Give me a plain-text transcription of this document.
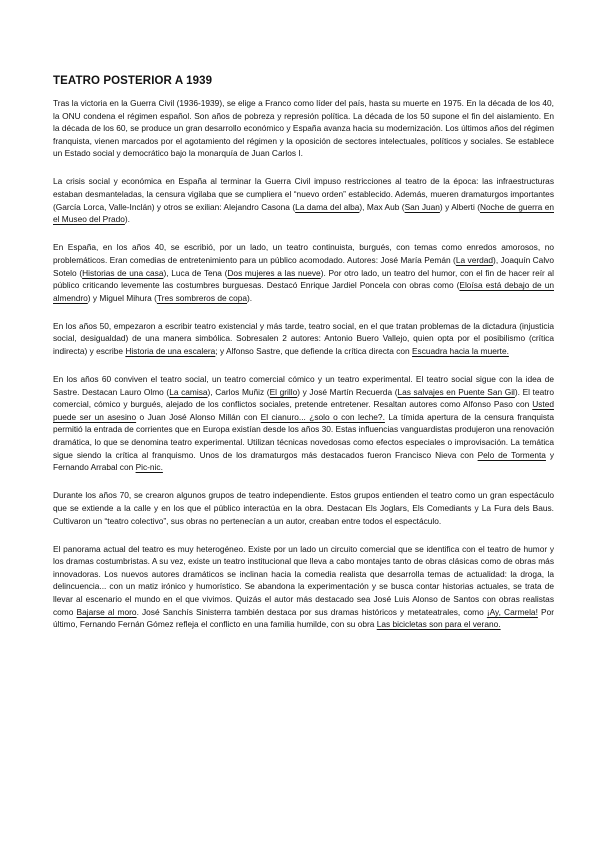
TEATRO POSTERIOR A 1939

Tras la victoria en la Guerra Civil (1936-1939), se elige a Franco como líder del país, hasta su muerte en 1975. En la década de los 40, la ONU condena el régimen español. Son años de pobreza y represión política. La década de los 50 supone el fin del aislamiento. En la década de los 60, se produce un gran desarrollo económico y España avanza hacia su modernización. Los últimos años del régimen franquista, vienen marcados por el agotamiento del régimen y la oposición de sectores intelectuales, políticos y sociales. Se establece un Estado social y democrático bajo la monarquía de Juan Carlos I.

La crisis social y económica en España al terminar la Guerra Civil impuso restricciones al teatro de la época: las infraestructuras estaban desmanteladas, la censura vigilaba que se cumpliera el “nuevo orden” establecido. Además, mueren dramaturgos importantes (García Lorca, Valle-Inclán) y otros se exilian: Alejandro Casona (La dama del alba), Max Aub (San Juan) y Alberti (Noche de guerra en el Museo del Prado).

En España, en los años 40, se escribió, por un lado, un teatro continuista, burgués, con temas como enredos amorosos, no problemáticos. Eran comedias de entretenimiento para un público acomodado. Autores: José María Pemán (La verdad), Joaquín Calvo Sotelo (Historias de una casa), Luca de Tena (Dos mujeres a las nueve). Por otro lado, un teatro del humor, con el fin de hacer reír al público criticando levemente las costumbres burguesas. Destacó Enrique Jardiel Poncela con obras como (Eloísa está debajo de un almendro) y Miguel Mihura (Tres sombreros de copa).

En los años 50, empezaron a escribir teatro existencial y más tarde, teatro social, en el que tratan problemas de la dictadura (injusticia social, desigualdad) de una manera simbólica. Sobresalen 2 autores: Antonio Buero Vallejo, quien opta por el posibilismo (crítica indirecta) y escribe Historia de una escalera; y Alfonso Sastre, que defiende la crítica directa con Escuadra hacia la muerte.

En los años 60 conviven el teatro social, un teatro comercial cómico y un teatro experimental. El teatro social sigue con la idea de Sastre. Destacan Lauro Olmo (La camisa), Carlos Muñiz (El grillo) y José Martín Recuerda (Las salvajes en Puente San Gil). El teatro comercial, cómico y burgués, alejado de los conflictos sociales, pretende entretener. Resaltan autores como Alfonso Paso con Usted puede ser un asesino o Juan José Alonso Millán con El cianuro... ¿solo o con leche?. La tímida apertura de la censura franquista permitió la entrada de corrientes que en Europa existían desde los años 30. Estas influencias vanguardistas produjeron una renovación dramática, lo que se denomina teatro experimental. Utilizan técnicas novedosas como efectos especiales o improvisación. La temática sigue siendo la crítica al franquismo. Unos de los dramaturgos más destacados fueron Francisco Nieva con Pelo de Tormenta y Fernando Arrabal con Pic-nic.

Durante los años 70, se crearon algunos grupos de teatro independiente. Estos grupos entienden el teatro como un gran espectáculo que se extiende a la calle y en los que el público interactúa en la obra. Destacan Els Joglars, Els Comediants y La Fura dels Baus. Cultivaron un “teatro colectivo”, sus obras no pertenecían a un autor, creaban entre todos el espectáculo.

El panorama actual del teatro es muy heterogéneo. Existe por un lado un circuito comercial que se identifica con el teatro de humor y los dramas costumbristas. A su vez, existe un teatro institucional que lleva a cabo montajes tanto de obras clásicas como de obras más innovadoras. Los nuevos autores dramáticos se inclinan hacia la comedia realista que desarrolla temas de actualidad: la droga, la delincuencia... con un matiz irónico y humorístico. Se abandona la experimentación y se busca contar historias actuales, se trata de llevar al escenario el mundo en el que vivimos. Quizás el autor más destacado sea José Luis Alonso de Santos con obras realistas como Bajarse al moro. José Sanchís Sinisterra también destaca por sus dramas históricos y metateatrales, como ¡Ay, Carmela! Por último, Fernando Fernán Gómez refleja el conflicto en una familia humilde, con su obra Las bicicletas son para el verano.
